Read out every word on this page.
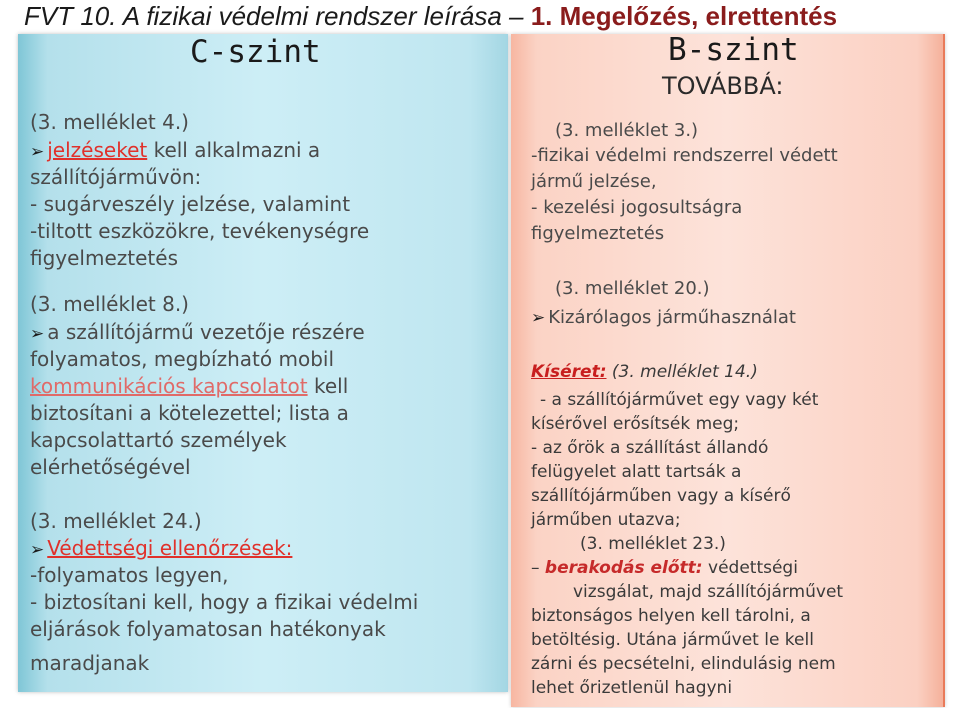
FVT 10. A fizikai védelmi rendszer leírása – 1. Megelőzés, elrettentés
C-szint
(3. melléklet 4.)
➢ jelzéseket kell alkalmazni a
szállítójárművön:
- sugárveszély jelzése, valamint
-tiltott eszközökre, tevékenységre
figyelmeztetés
(3. melléklet 8.)
➢ a szállítójármű vezetője részére
folyamatos, megbízható mobil
kommunikációs kapcsolatot kell
biztosítani a kötelezettel; lista a
kapcsolattartó személyek
elérhetőségével
(3. melléklet 24.)
➢ Védettségi ellenőrzések:
-folyamatos legyen,
- biztosítani kell, hogy a fizikai védelmi
eljárások folyamatosan hatékonyak
maradjanak
B-szint
TOVÁBBÁ:
(3. melléklet 3.)
-fizikai védelmi rendszerrel védett
jármű jelzése,
- kezelési jogosultságra
figyelmeztetés
(3. melléklet 20.)
➢ Kizárólagos járműhasználat
Kíséret: (3. melléklet 14.)
- a szállítójárművet egy vagy két
kísérővel erősítsék meg;
- az őrök a szállítást állandó
felügyelet alatt tartsák a
szállítójárműben vagy a kísérő
járműben utazva;
(3. melléklet 23.)
– berakodás előtt: védettségi
vizsgálat, majd szállítójárművet
biztonságos helyen kell tárolni, a
betöltésig. Utána járművet le kell
zárni és pecsételni, elindulásig nem
lehet őrizetlenül hagyni
